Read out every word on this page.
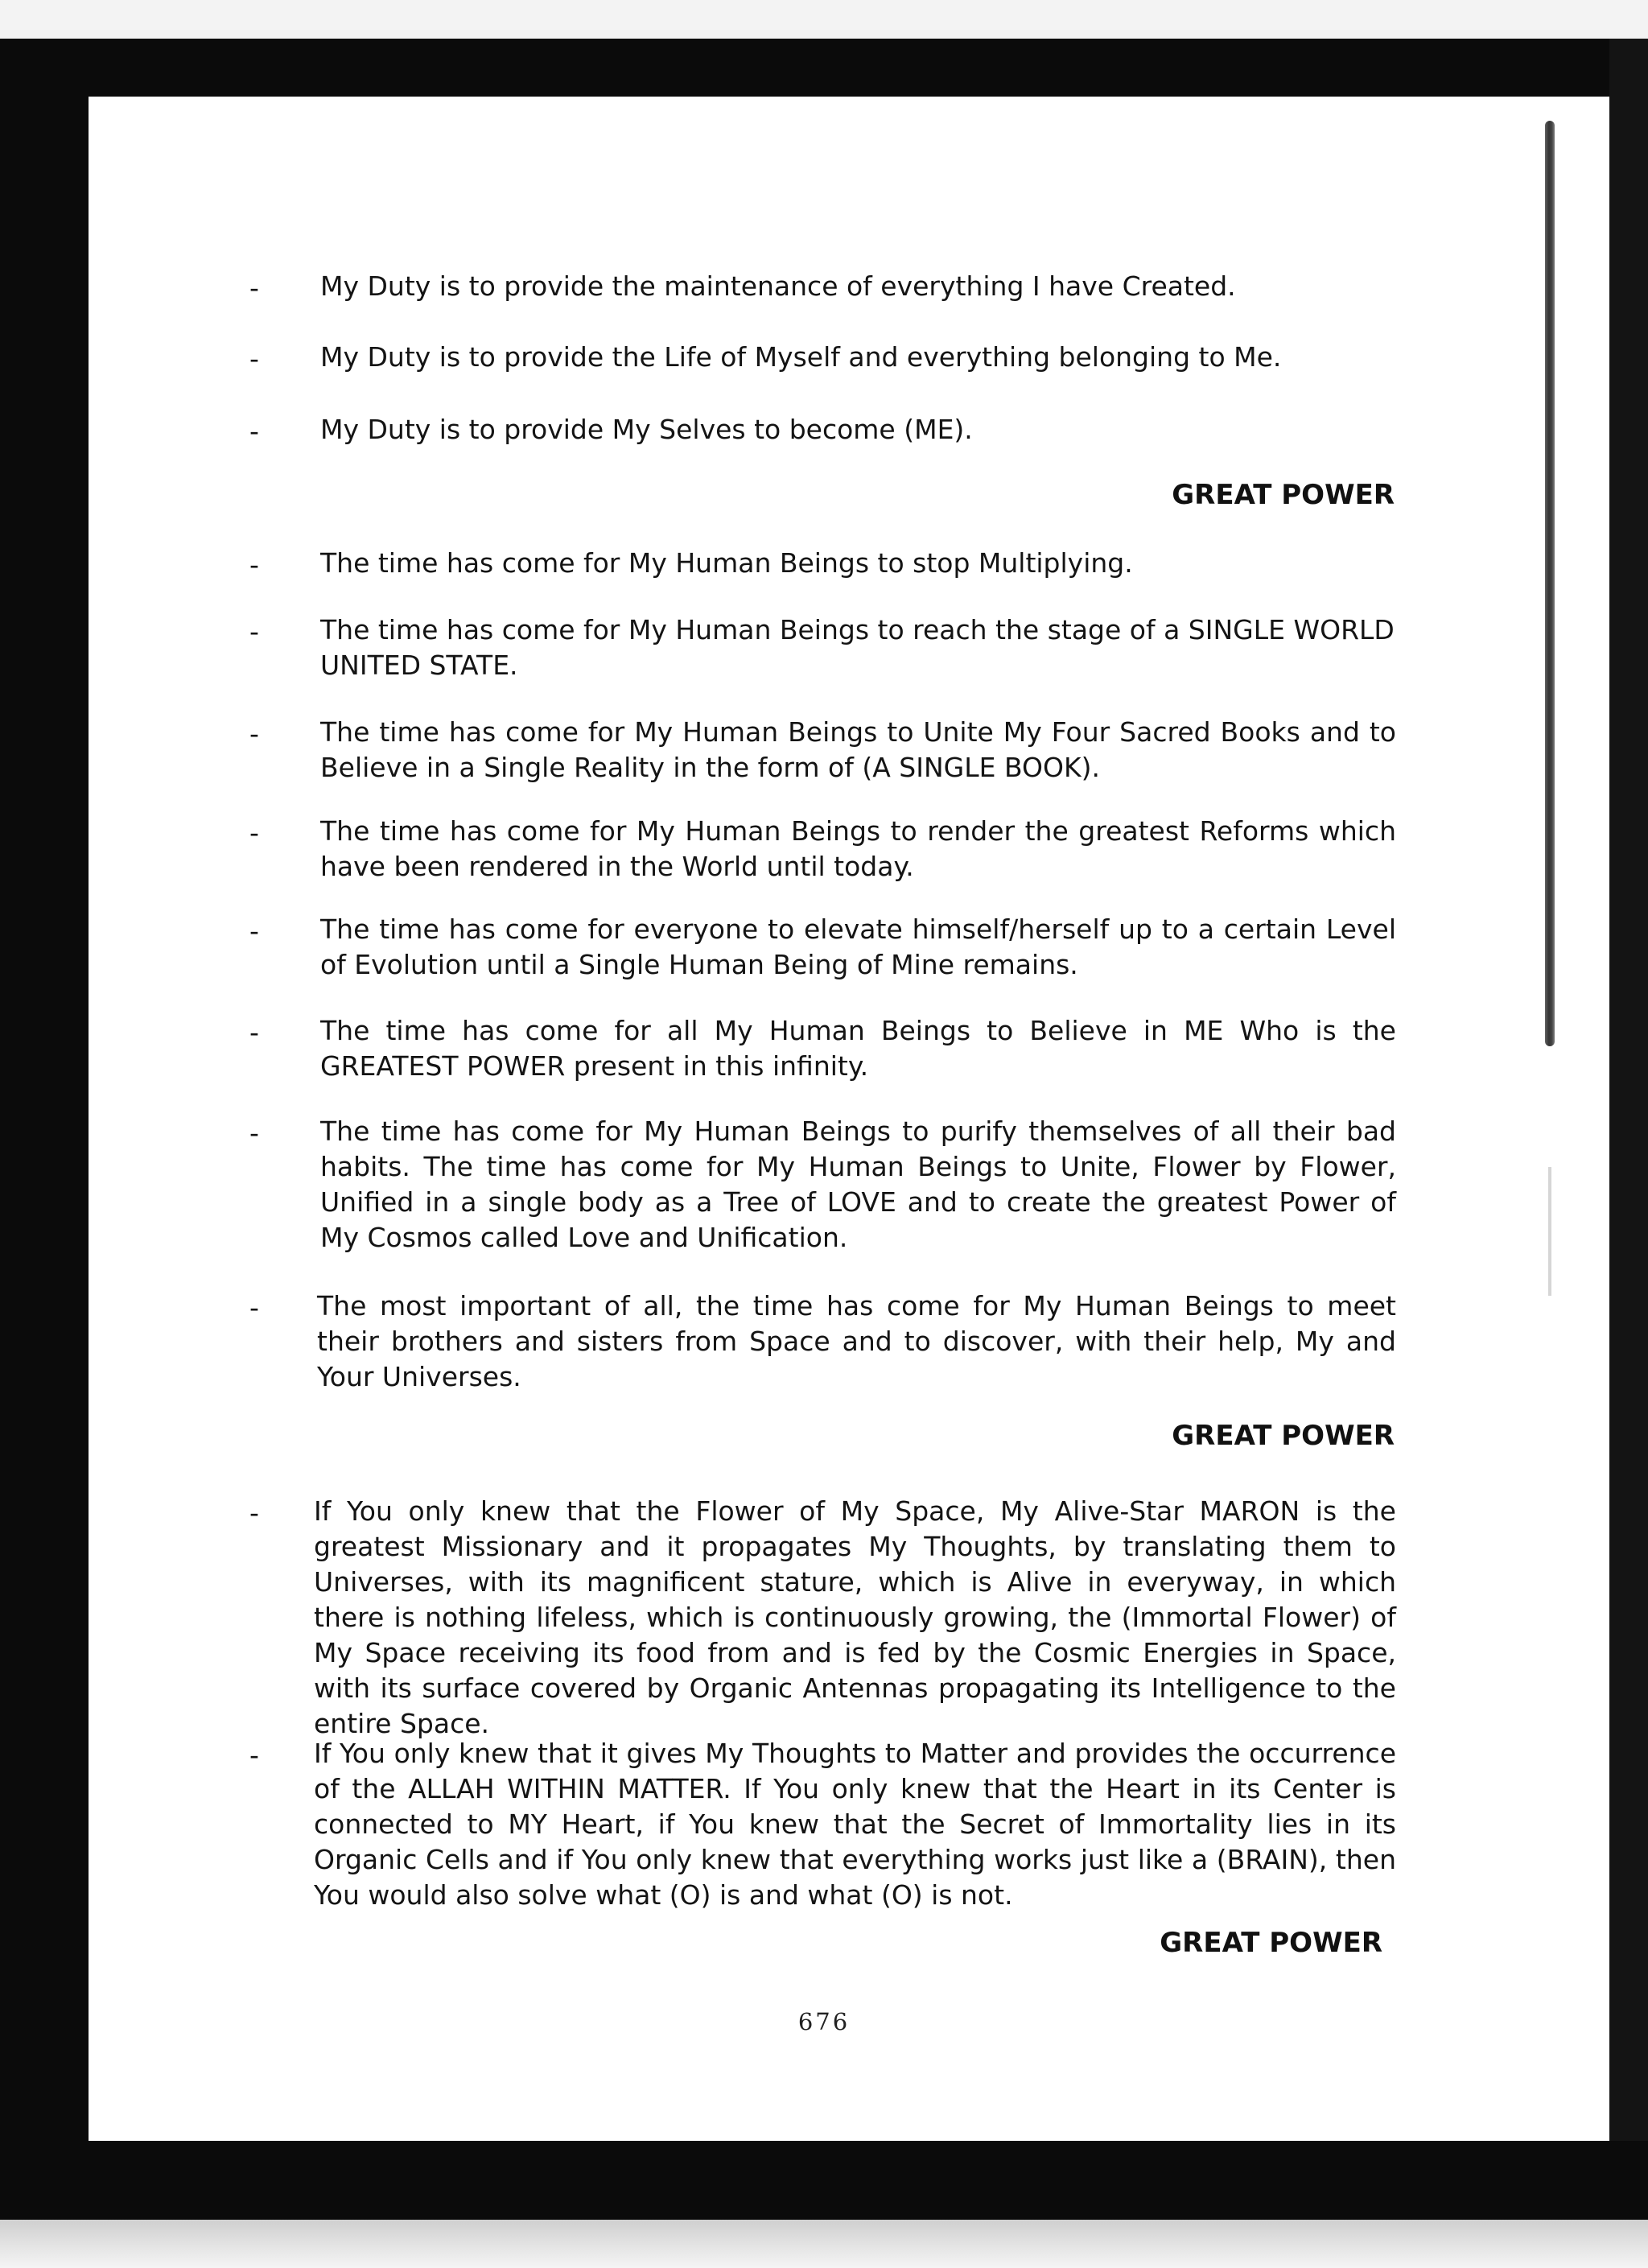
-	My Duty is to provide the maintenance of everything I have Created.

-	My Duty is to provide the Life of Myself and everything belonging to Me.

-	My Duty is to provide My Selves to become (ME).

GREAT POWER

-	The time has come for My Human Beings to stop Multiplying.

-	The time has come for My Human Beings to reach the stage of a SINGLE WORLD UNITED STATE.

-	The time has come for My Human Beings to Unite My Four Sacred Books and to Believe in a Single Reality in the form of (A SINGLE BOOK).

-	The time has come for My Human Beings to render the greatest Reforms which have been rendered in the World until today.

-	The time has come for everyone to elevate himself/herself up to a certain Level of Evolution until a Single Human Being of Mine remains.

-	The time has come for all My Human Beings to Believe in ME Who is the GREATEST POWER present in this infinity.

-	The time has come for My Human Beings to purify themselves of all their bad habits. The time has come for My Human Beings to Unite, Flower by Flower, Unified in a single body as a Tree of LOVE and to create the greatest Power of My Cosmos called Love and Unification.

-	The most important of all, the time has come for My Human Beings to meet their brothers and sisters from Space and to discover, with their help, My and Your Universes.

GREAT POWER

-	If You only knew that the Flower of My Space, My Alive-Star MARON is the greatest Missionary and it propagates My Thoughts, by translating them to Universes, with its magnificent stature, which is Alive in everyway, in which there is nothing lifeless, which is continuously growing, the (Immortal Flower) of My Space receiving its food from and is fed by the Cosmic Energies in Space, with its surface covered by Organic Antennas propagating its Intelligence to the entire Space.

-	If You only knew that it gives My Thoughts to Matter and provides the occurrence of the ALLAH WITHIN MATTER. If You only knew that the Heart in its Center is connected to MY Heart, if You knew that the Secret of Immortality lies in its Organic Cells and if You only knew that everything works just like a (BRAIN), then You would also solve what (O) is and what (O) is not.

GREAT POWER

676
